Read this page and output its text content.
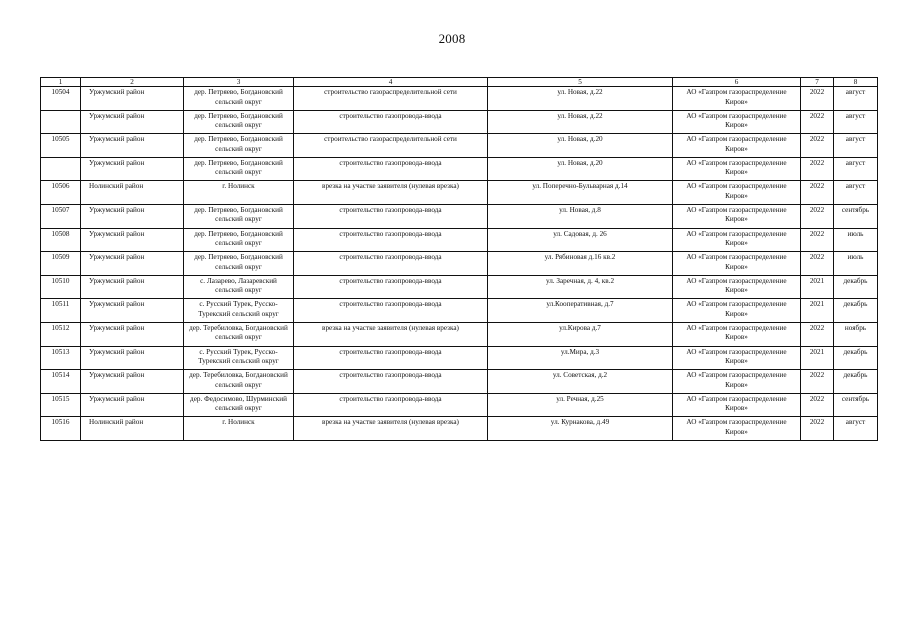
2008
1	2	3	4	5	6	7	8
10504	Уржумский район	дер. Петряево, Богдановский сельский округ	строительство газораспределительной сети	ул. Новая, д.22	АО «Газпром газораспределение Киров»	2022	август
	Уржумский район	дер. Петряево, Богдановский сельский округ	строительство газопровода-ввода	ул. Новая, д.22	АО «Газпром газораспределение Киров»	2022	август
10505	Уржумский район	дер. Петряево, Богдановский сельский округ	строительство газораспределительной сети	ул. Новая, д.20	АО «Газпром газораспределение Киров»	2022	август
	Уржумский район	дер. Петряево, Богдановский сельский округ	строительство газопровода-ввода	ул. Новая, д.20	АО «Газпром газораспределение Киров»	2022	август
10506	Нолинский район	г. Нолинск	врезка на участке заявителя (нулевая врезка)	ул. Поперечно-Бульварная д.14	АО «Газпром газораспределение Киров»	2022	август
10507	Уржумский район	дер. Петряево, Богдановский сельский округ	строительство газопровода-ввода	ул. Новая, д.8	АО «Газпром газораспределение Киров»	2022	сентябрь
10508	Уржумский район	дер. Петряево, Богдановский сельский округ	строительство газопровода-ввода	ул. Садовая, д. 26	АО «Газпром газораспределение Киров»	2022	июль
10509	Уржумский район	дер. Петряево, Богдановский сельский округ	строительство газопровода-ввода	ул. Рябиновая д.16 кв.2	АО «Газпром газораспределение Киров»	2022	июль
10510	Уржумский район	с. Лазарево, Лазаревский сельский округ	строительство газопровода-ввода	ул. Заречная, д. 4, кв.2	АО «Газпром газораспределение Киров»	2021	декабрь
10511	Уржумский район	с. Русский Турек, Русско-Турекский сельский округ	строительство газопровода-ввода	ул.Кооперативная, д.7	АО «Газпром газораспределение Киров»	2021	декабрь
10512	Уржумский район	дер. Теребиловка, Богдановский сельский округ	врезка на участке заявителя (нулевая врезка)	ул.Кирова д.7	АО «Газпром газораспределение Киров»	2022	ноябрь
10513	Уржумский район	с. Русский Турек, Русско-Турекский сельский округ	строительство газопровода-ввода	ул.Мира, д.3	АО «Газпром газораспределение Киров»	2021	декабрь
10514	Уржумский район	дер. Теребиловка, Богдановский сельский округ	строительство газопровода-ввода	ул. Советская, д.2	АО «Газпром газораспределение Киров»	2022	декабрь
10515	Уржумский район	дер. Федосимово, Шурминский сельский округ	строительство газопровода-ввода	ул. Речная, д.25	АО «Газпром газораспределение Киров»	2022	сентябрь
10516	Нолинский район	г. Нолинск	врезка на участке заявителя (нулевая врезка)	ул. Курнакова, д.49	АО «Газпром газораспределение Киров»	2022	август
